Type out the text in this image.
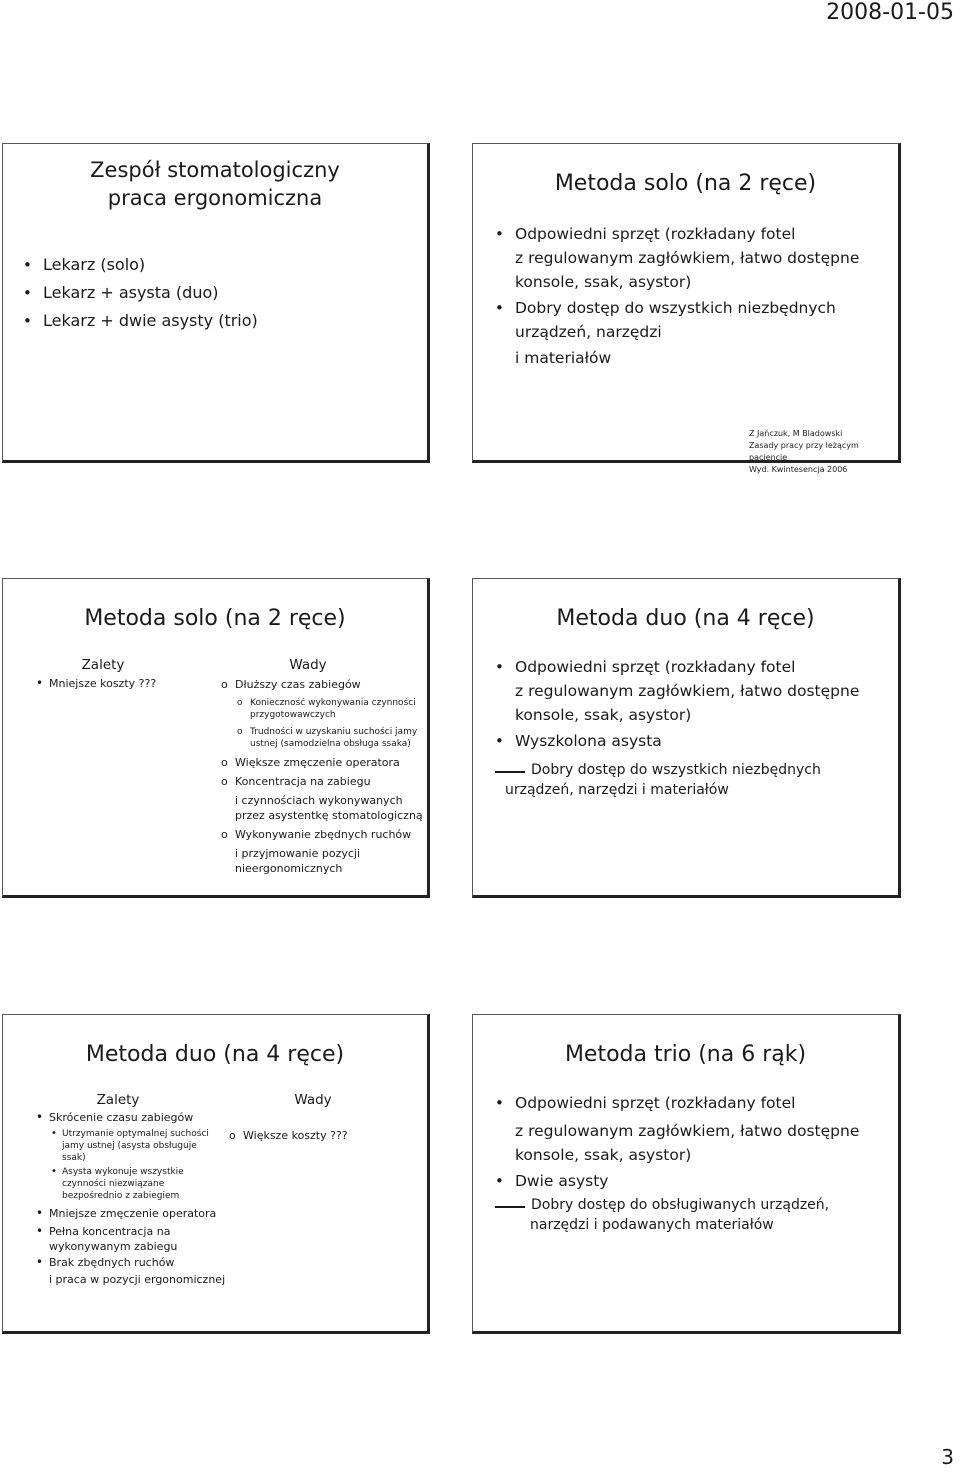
2008-01-05
Zespół stomatologiczny
praca ergonomiczna
• Lekarz (solo)
• Lekarz + asysta (duo)
• Lekarz + dwie asysty (trio)
Metoda solo (na 2 ręce)
• Odpowiedni sprzęt (rozkładany fotel
z regulowanym zagłówkiem, łatwo dostępne
konsole, ssak, asystor)
• Dobry dostęp do wszystkich niezbędnych
urządzeń, narzędzi
i materiałów
Z Jańczuk, M Bladowski
Zasady pracy przy leżącym pacjencie
Wyd. Kwintesencja 2006
Metoda solo (na 2 ręce)
Zalety	Wady
• Mniejsze koszty ???
o	Dłuższy czas zabiegów
o Konieczność wykonywania czynności
przygotowawczych
o Trudności w uzyskaniu suchości jamy
ustnej (samodzielna obsługa ssaka)
o Większe zmęczenie operatora
o Koncentracja na zabiegu
i czynnościach wykonywanych
przez asystentkę stomatologiczną
o Wykonywanie zbędnych ruchów
i przyjmowanie pozycji
nieergonomicznych
Metoda duo (na 4 ręce)
• Odpowiedni sprzęt (rozkładany fotel
z regulowanym zagłówkiem, łatwo dostępne
konsole, ssak, asystor)
• Wyszkolona asysta
Dobry dostęp do wszystkich niezbędnych
urządzeń, narzędzi i materiałów
Metoda duo (na 4 ręce)
Zalety	Wady
• Skrócenie czasu zabiegów
• Utrzymanie optymalnej suchości
jamy ustnej (asysta obsługuje
ssak)
• Asysta wykonuje wszystkie
czynności niezwiązane
bezpośrednio z zabiegiem
• Mniejsze zmęczenie operatora
• Pełna koncentracja na
wykonywanym zabiegu
• Brak zbędnych ruchów
i praca w pozycji ergonomicznej
o Większe koszty ???
Metoda trio (na 6 rąk)
• Odpowiedni sprzęt (rozkładany fotel
z regulowanym zagłówkiem, łatwo dostępne
konsole, ssak, asystor)
• Dwie asysty
Dobry dostęp do obsługiwanych urządzeń,
narzędzi i podawanych materiałów
3
